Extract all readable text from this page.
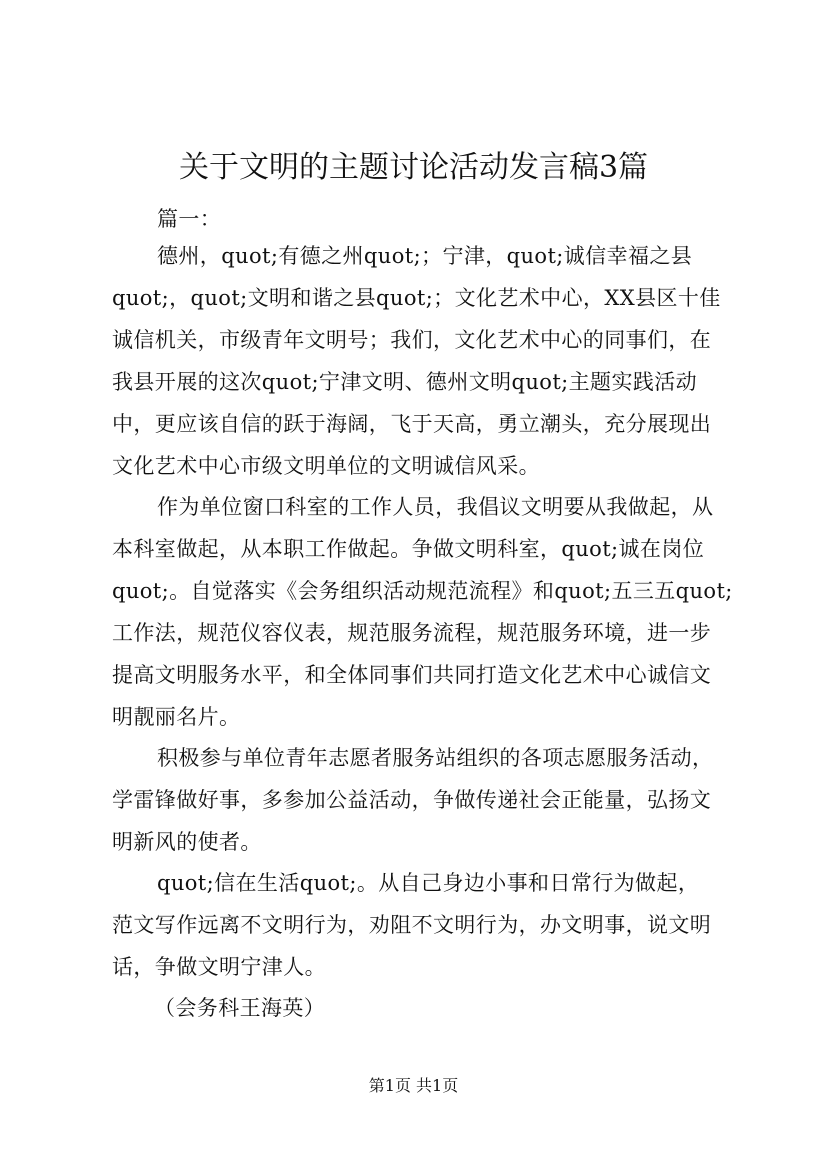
关于文明的主题讨论活动发言稿3篇
篇一：
德州，quot;有德之州quot;；宁津，quot;诚信幸福之县
quot;，quot;文明和谐之县quot;；文化艺术中心，XX县区十佳
诚信机关，市级青年文明号；我们，文化艺术中心的同事们，在
我县开展的这次quot;宁津文明、德州文明quot;主题实践活动
中，更应该自信的跃于海阔，飞于天高，勇立潮头，充分展现出
文化艺术中心市级文明单位的文明诚信风采。
作为单位窗口科室的工作人员，我倡议文明要从我做起，从
本科室做起，从本职工作做起。争做文明科室，quot;诚在岗位
quot;。自觉落实《会务组织活动规范流程》和quot;五三五quot;
工作法，规范仪容仪表，规范服务流程，规范服务环境，进一步
提高文明服务水平，和全体同事们共同打造文化艺术中心诚信文
明靓丽名片。
积极参与单位青年志愿者服务站组织的各项志愿服务活动，
学雷锋做好事，多参加公益活动，争做传递社会正能量，弘扬文
明新风的使者。
quot;信在生活quot;。从自己身边小事和日常行为做起，
范文写作远离不文明行为，劝阻不文明行为，办文明事，说文明
话，争做文明宁津人。
（会务科王海英）
第1页 共1页
